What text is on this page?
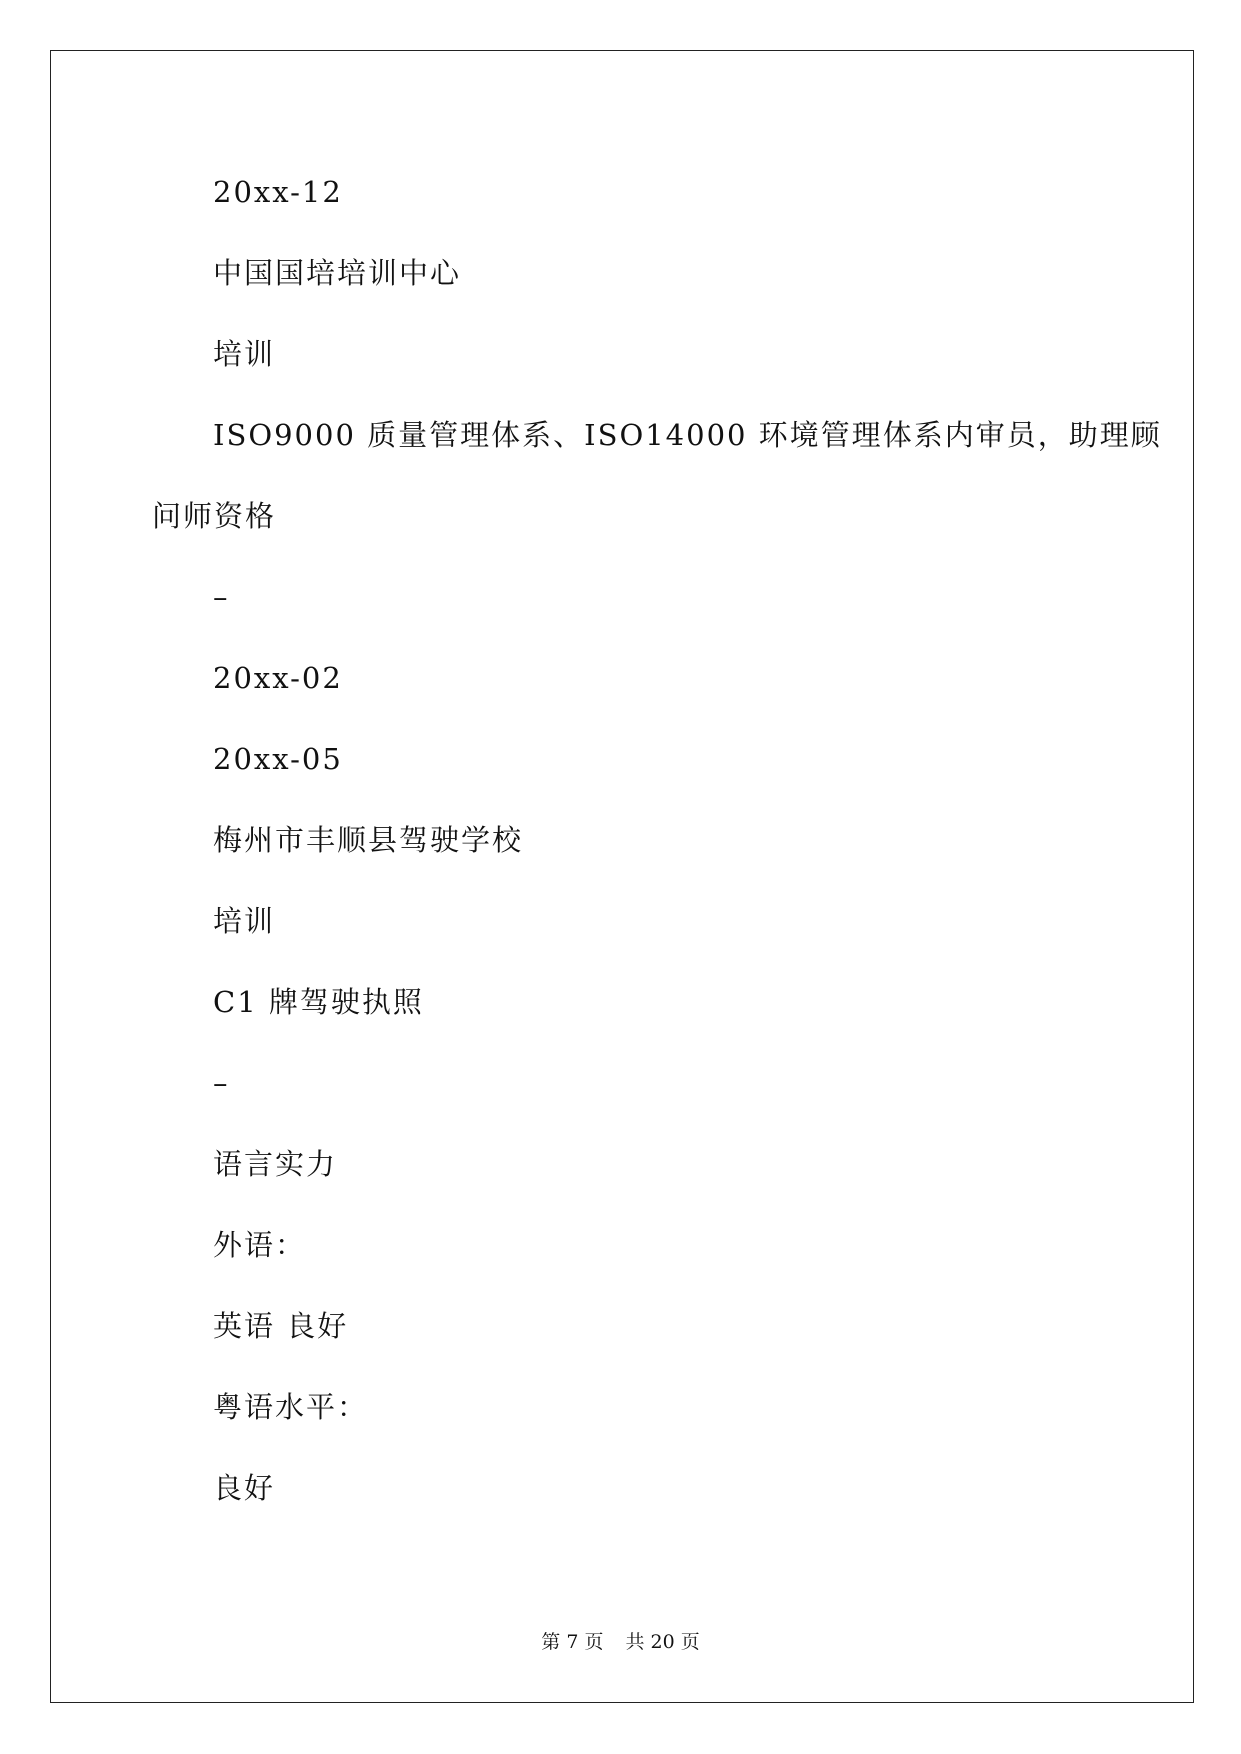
20xx-12
中国国培培训中心
培训
ISO9000 质量管理体系、ISO14000 环境管理体系内审员，助理顾
问师资格
–
20xx-02
20xx-05
梅州市丰顺县驾驶学校
培训
C1 牌驾驶执照
–
语言实力
外语：
英语 良好
粤语水平：
良好
第 7 页 共 20 页
